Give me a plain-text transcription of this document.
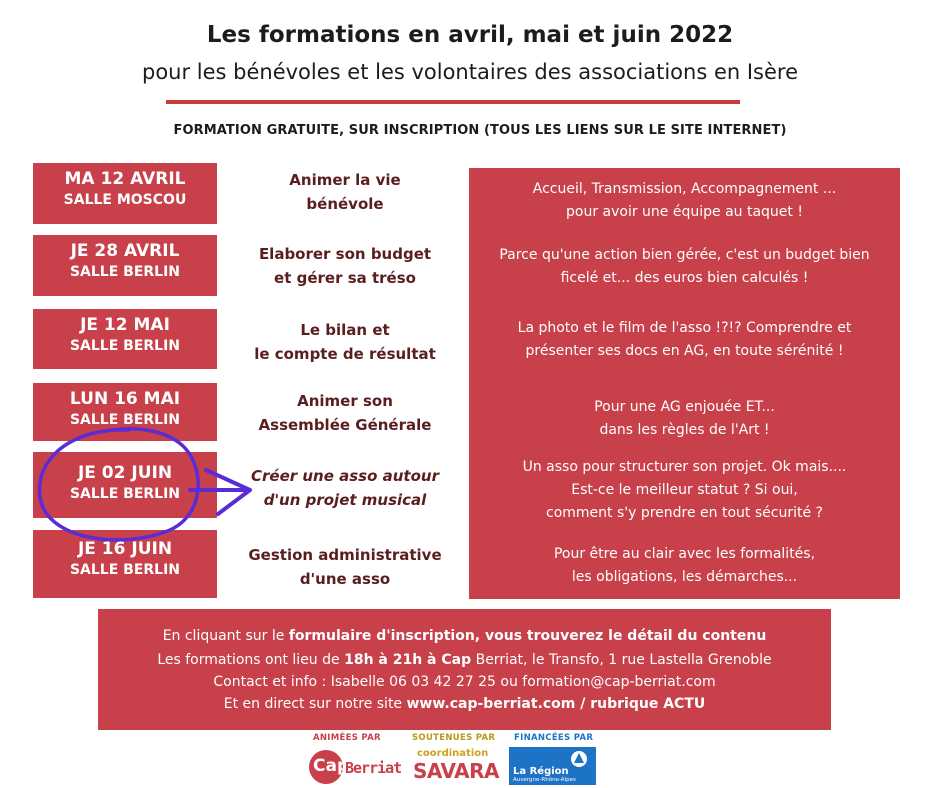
Les formations en avril, mai et juin 2022
pour les bénévoles et les volontaires des associations en Isère
FORMATION GRATUITE, SUR INSCRIPTION (TOUS LES LIENS SUR LE SITE INTERNET)
MA 12 AVRIL
SALLE MOSCOU
JE 28 AVRIL
SALLE BERLIN
JE 12 MAI
SALLE BERLIN
LUN 16 MAI
SALLE BERLIN
JE 02 JUIN
SALLE BERLIN
JE 16 JUIN
SALLE BERLIN
Animer la vie
bénévole
Elaborer son budget
et gérer sa tréso
Le bilan et
le compte de résultat
Animer son
Assemblée Générale
Créer une asso autour
d'un projet musical
Gestion administrative
d'une asso
Accueil, Transmission, Accompagnement ...
pour avoir une équipe au taquet !
Parce qu'une action bien gérée, c'est un budget bien
ficelé et... des euros bien calculés !
La photo et le film de l'asso !?!? Comprendre et
présenter ses docs en AG, en toute sérénité !
Pour une AG enjouée ET...
dans les règles de l'Art !
Un asso pour structurer son projet. Ok mais....
Est-ce le meilleur statut ? Si oui,
comment s'y prendre en tout sécurité ?
Pour être au clair avec les formalités,
les obligations, les démarches...
En cliquant sur le formulaire d'inscription, vous trouverez le détail du contenu
Les formations ont lieu de 18h à 21h à Cap Berriat, le Transfo, 1 rue Lastella Grenoble
Contact et info : Isabelle 06 03 42 27 25 ou formation@cap-berriat.com
Et en direct sur notre site www.cap-berriat.com / rubrique ACTU
ANIMÉES PAR	SOUTENUES PAR FINANCÉES PAR
Cap
Berriat
coordination
SAVARA La Région
Auvergne-Rhône-Alpes
